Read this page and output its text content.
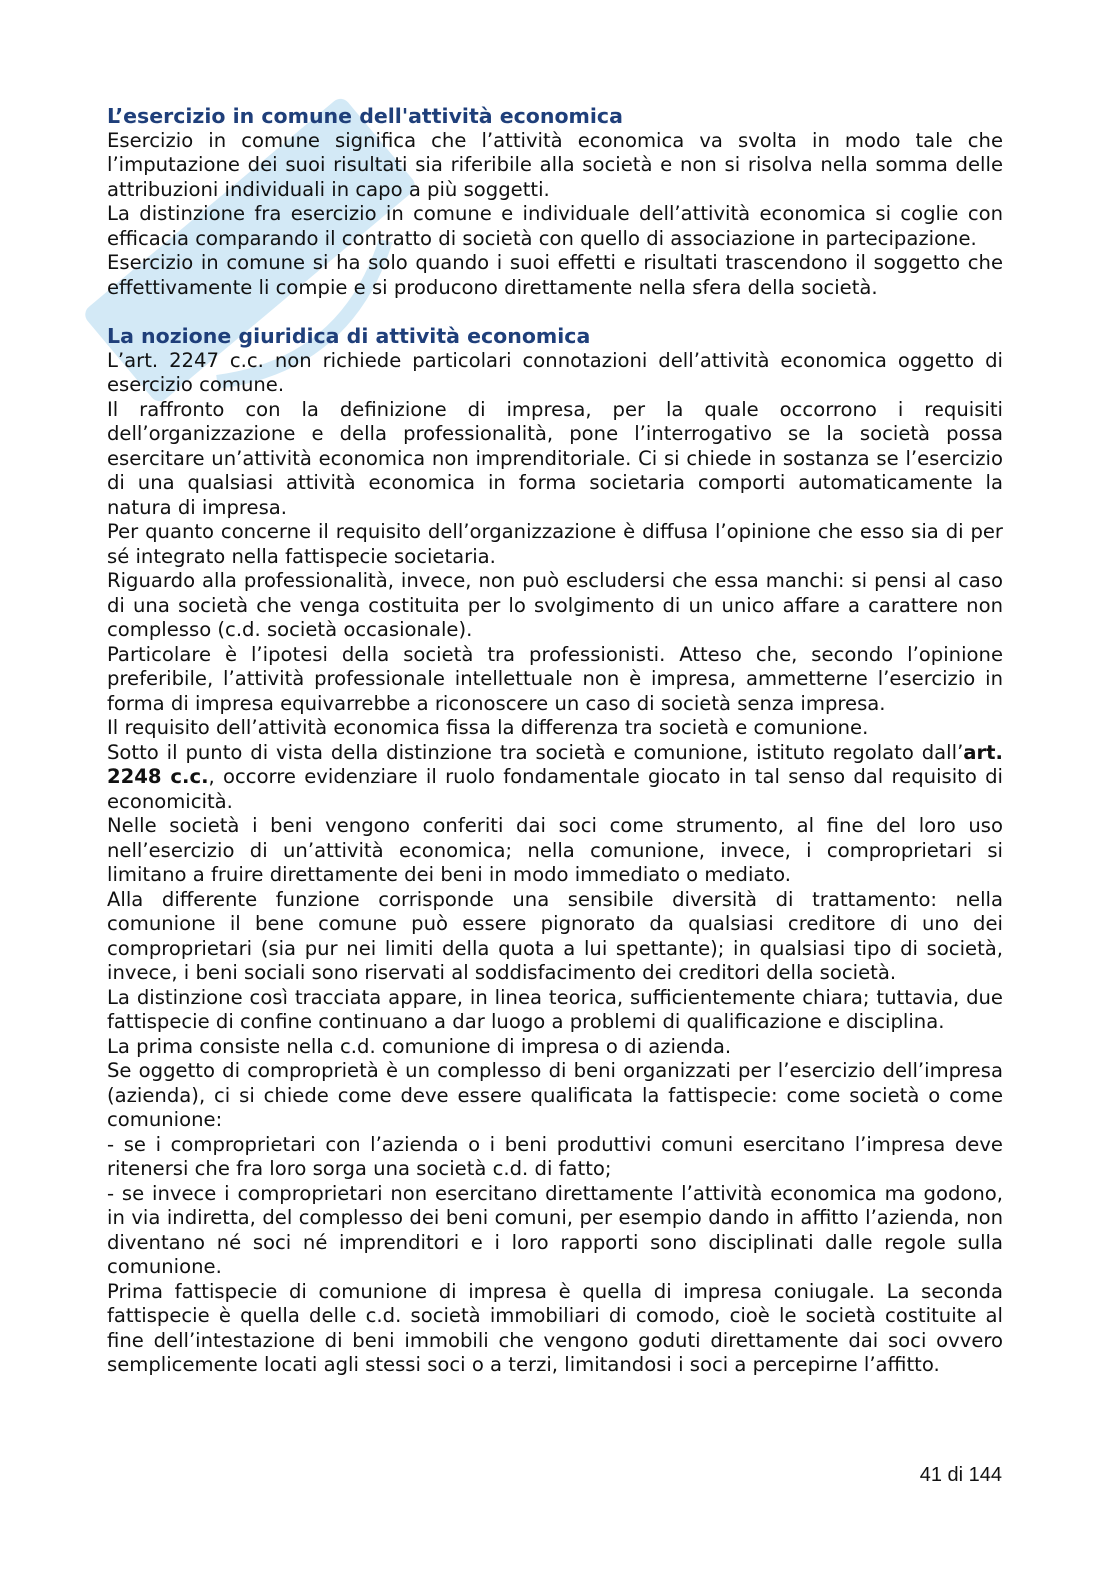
L’esercizio in comune dell'attività economica

Esercizio in comune significa che l’attività economica va svolta in modo tale che l’imputazione dei suoi risultati sia riferibile alla società e non si risolva nella somma delle attribuzioni individuali in capo a più soggetti.

La distinzione fra esercizio in comune e individuale dell’attività economica si coglie con efficacia comparando il contratto di società con quello di associazione in partecipazione.

Esercizio in comune si ha solo quando i suoi effetti e risultati trascendono il soggetto che effettivamente li compie e si producono direttamente nella sfera della società.

La nozione giuridica di attività economica

L’art. 2247 c.c. non richiede particolari connotazioni dell’attività economica oggetto di esercizio comune.

Il raffronto con la definizione di impresa, per la quale occorrono i requisiti dell’organizzazione e della professionalità, pone l’interrogativo se la società possa esercitare un’attività economica non imprenditoriale. Ci si chiede in sostanza se l’esercizio di una qualsiasi attività economica in forma societaria comporti automaticamente la natura di impresa.

Per quanto concerne il requisito dell’organizzazione è diffusa l’opinione che esso sia di per sé integrato nella fattispecie societaria.

Riguardo alla professionalità, invece, non può escludersi che essa manchi: si pensi al caso di una società che venga costituita per lo svolgimento di un unico affare a carattere non complesso (c.d. società occasionale).

Particolare è l’ipotesi della società tra professionisti. Atteso che, secondo l’opinione preferibile, l’attività professionale intellettuale non è impresa, ammetterne l’esercizio in forma di impresa equivarrebbe a riconoscere un caso di società senza impresa.

Il requisito dell’attività economica fissa la differenza tra società e comunione.

Sotto il punto di vista della distinzione tra società e comunione, istituto regolato dall’art. 2248 c.c., occorre evidenziare il ruolo fondamentale giocato in tal senso dal requisito di economicità.

Nelle società i beni vengono conferiti dai soci come strumento, al fine del loro uso nell’esercizio di un’attività economica; nella comunione, invece, i comproprietari si limitano a fruire direttamente dei beni in modo immediato o mediato.

Alla differente funzione corrisponde una sensibile diversità di trattamento: nella comunione il bene comune può essere pignorato da qualsiasi creditore di uno dei comproprietari (sia pur nei limiti della quota a lui spettante); in qualsiasi tipo di società, invece, i beni sociali sono riservati al soddisfacimento dei creditori della società.

La distinzione così tracciata appare, in linea teorica, sufficientemente chiara; tuttavia, due fattispecie di confine continuano a dar luogo a problemi di qualificazione e disciplina.

La prima consiste nella c.d. comunione di impresa o di azienda.

Se oggetto di comproprietà è un complesso di beni organizzati per l’esercizio dell’impresa (azienda), ci si chiede come deve essere qualificata la fattispecie: come società o come comunione:

- se i comproprietari con l’azienda o i beni produttivi comuni esercitano l’impresa deve ritenersi che fra loro sorga una società c.d. di fatto;

- se invece i comproprietari non esercitano direttamente l’attività economica ma godono, in via indiretta, del complesso dei beni comuni, per esempio dando in affitto l’azienda, non diventano né soci né imprenditori e i loro rapporti sono disciplinati dalle regole sulla comunione.

Prima fattispecie di comunione di impresa è quella di impresa coniugale. La seconda fattispecie è quella delle c.d. società immobiliari di comodo, cioè le società costituite al fine dell’intestazione di beni immobili che vengono goduti direttamente dai soci ovvero semplicemente locati agli stessi soci o a terzi, limitandosi i soci a percepirne l’affitto.

41 di 144
